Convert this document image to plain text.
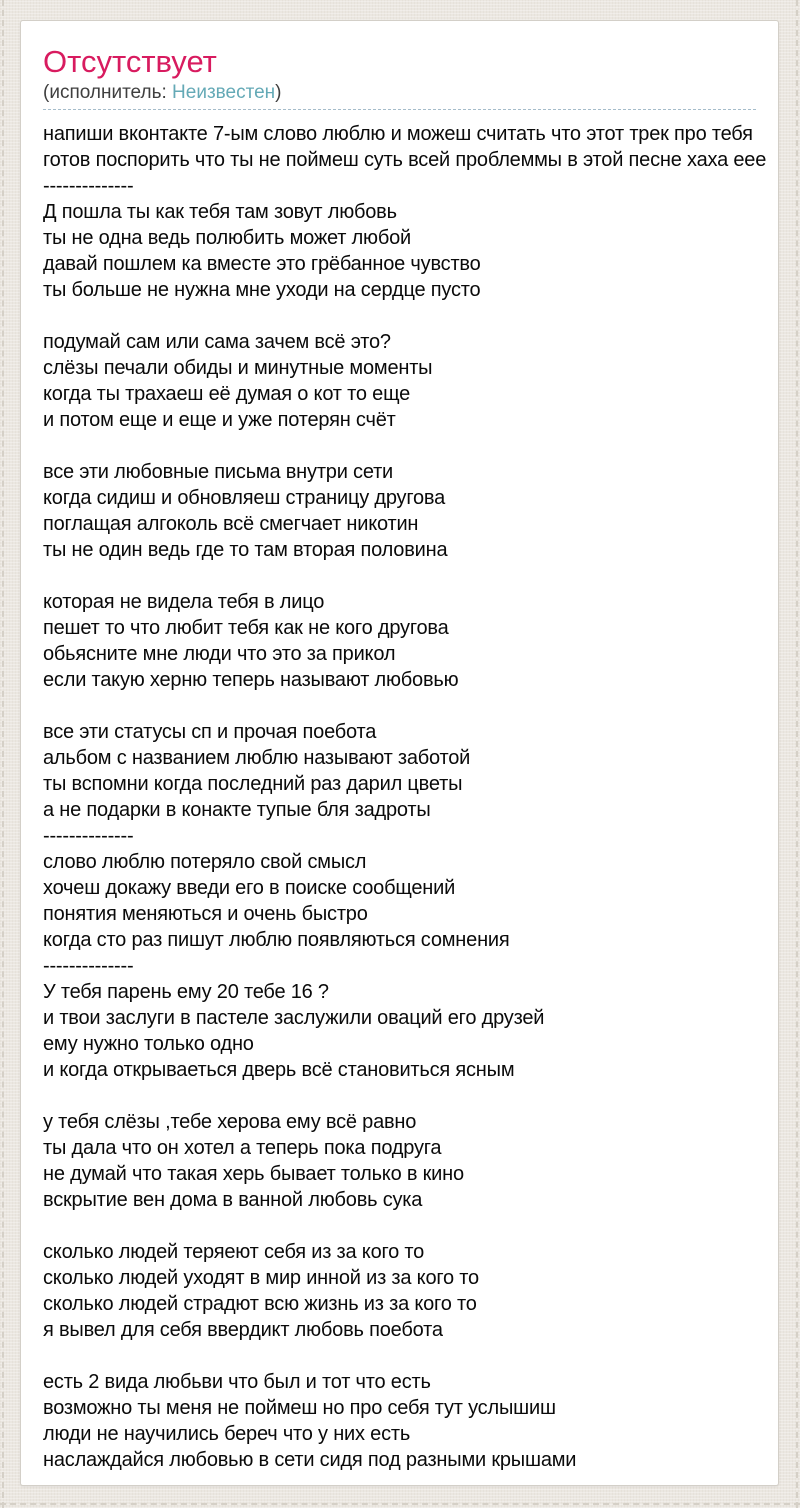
Отсутствует
(исполнитель: Неизвестен)
напиши вконтакте 7-ым слово люблю и можеш считать что этот трек про тебя
готов поспорить что ты не поймеш суть всей проблеммы в этой песне хаха еее
--------------
Д пошла ты как тебя там зовут любовь
ты не одна ведь полюбить может любой
давай пошлем ка вместе это грёбанное чувство
ты больше не нужна мне уходи на сердце пусто

подумай сам или сама зачем всё это?
слёзы печали обиды и минутные моменты
когда ты трахаеш её думая о кот то еще
и потом еще и еще и уже потерян счёт

все эти любовные письма внутри сети
когда сидиш и обновляеш страницу другова
поглащая алгоколь всё смегчает никотин
ты не один ведь где то там вторая половина

которая не видела тебя в лицо
пешет то что любит тебя как не кого другова
обьясните мне люди что это за прикол
если такую херню теперь называют любовью

все эти статусы сп и прочая поебота
альбом с названием люблю называют заботой
ты вспомни когда последний раз дарил цветы
а не подарки в конакте тупые бля задроты
--------------
слово люблю потеряло свой смысл
хочеш докажу введи его в поиске сообщений
понятия меняються и очень быстро
когда сто раз пишут люблю появляються сомнения
--------------
У тебя парень ему 20 тебе 16 ?
и твои заслуги в пастеле заслужили оваций его друзей
ему нужно только одно
и когда открываеться дверь всё становиться ясным

у тебя слёзы ,тебе херова ему всё равно
ты дала что он хотел а теперь пока подруга
не думай что такая херь бывает только в кино
вскрытие вен дома в ванной любовь сука

сколько людей теряеют себя из за кого то
сколько людей уходят в мир инной из за кого то
сколько людей страдют всю жизнь из за кого то
я вывел для себя ввердикт любовь поебота

есть 2 вида любьви что был и тот что есть
возможно ты меня не поймеш но про себя тут услышиш
люди не научились береч что у них есть
наслаждайся любовью в сети сидя под разными крышами
